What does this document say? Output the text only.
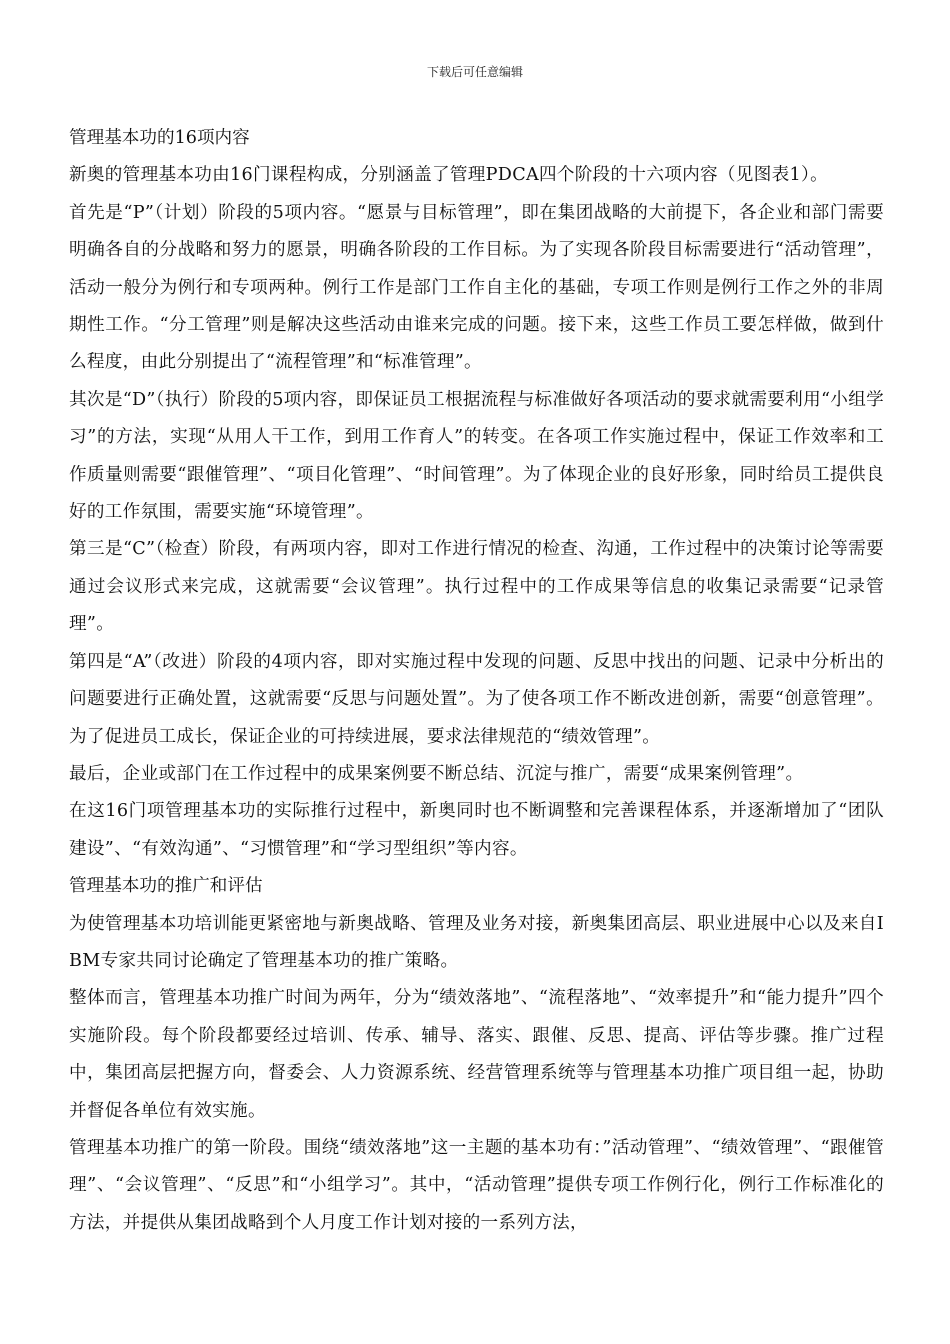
下载后可任意编辑

管理基本功的16项内容

新奥的管理基本功由16门课程构成，分别涵盖了管理PDCA四个阶段的十六项内容（见图表1）。

首先是“P”（计划）阶段的5项内容。“愿景与目标管理”，即在集团战略的大前提下，各企业和部门需要明确各自的分战略和努力的愿景，明确各阶段的工作目标。为了实现各阶段目标需要进行“活动管理”，活动一般分为例行和专项两种。例行工作是部门工作自主化的基础，专项工作则是例行工作之外的非周期性工作。“分工管理”则是解决这些活动由谁来完成的问题。接下来，这些工作员工要怎样做，做到什么程度，由此分别提出了“流程管理”和“标准管理”。

其次是“D”（执行）阶段的5项内容，即保证员工根据流程与标准做好各项活动的要求就需要利用“小组学习”的方法，实现“从用人干工作，到用工作育人”的转变。在各项工作实施过程中，保证工作效率和工作质量则需要“跟催管理”、“项目化管理”、“时间管理”。为了体现企业的良好形象，同时给员工提供良好的工作氛围，需要实施“环境管理”。

第三是“C”（检查）阶段，有两项内容，即对工作进行情况的检查、沟通，工作过程中的决策讨论等需要通过会议形式来完成，这就需要“会议管理”。执行过程中的工作成果等信息的收集记录需要“记录管理”。

第四是“A”（改进）阶段的4项内容，即对实施过程中发现的问题、反思中找出的问题、记录中分析出的问题要进行正确处置，这就需要“反思与问题处置”。为了使各项工作不断改进创新，需要“创意管理”。为了促进员工成长，保证企业的可持续进展，要求法律规范的“绩效管理”。

最后，企业或部门在工作过程中的成果案例要不断总结、沉淀与推广，需要“成果案例管理”。

在这16门项管理基本功的实际推行过程中，新奥同时也不断调整和完善课程体系，并逐渐增加了“团队建设”、“有效沟通”、“习惯管理”和“学习型组织”等内容。

管理基本功的推广和评估

为使管理基本功培训能更紧密地与新奥战略、管理及业务对接，新奥集团高层、职业进展中心以及来自IBM专家共同讨论确定了管理基本功的推广策略。

整体而言，管理基本功推广时间为两年，分为“绩效落地”、“流程落地”、“效率提升”和“能力提升”四个实施阶段。每个阶段都要经过培训、传承、辅导、落实、跟催、反思、提高、评估等步骤。推广过程中，集团高层把握方向，督委会、人力资源系统、经营管理系统等与管理基本功推广项目组一起，协助并督促各单位有效实施。

管理基本功推广的第一阶段。围绕“绩效落地”这一主题的基本功有：”活动管理”、“绩效管理”、“跟催管理”、“会议管理”、“反思”和“小组学习”。其中，“活动管理”提供专项工作例行化，例行工作标准化的方法，并提供从集团战略到个人月度工作计划对接的一系列方法，
